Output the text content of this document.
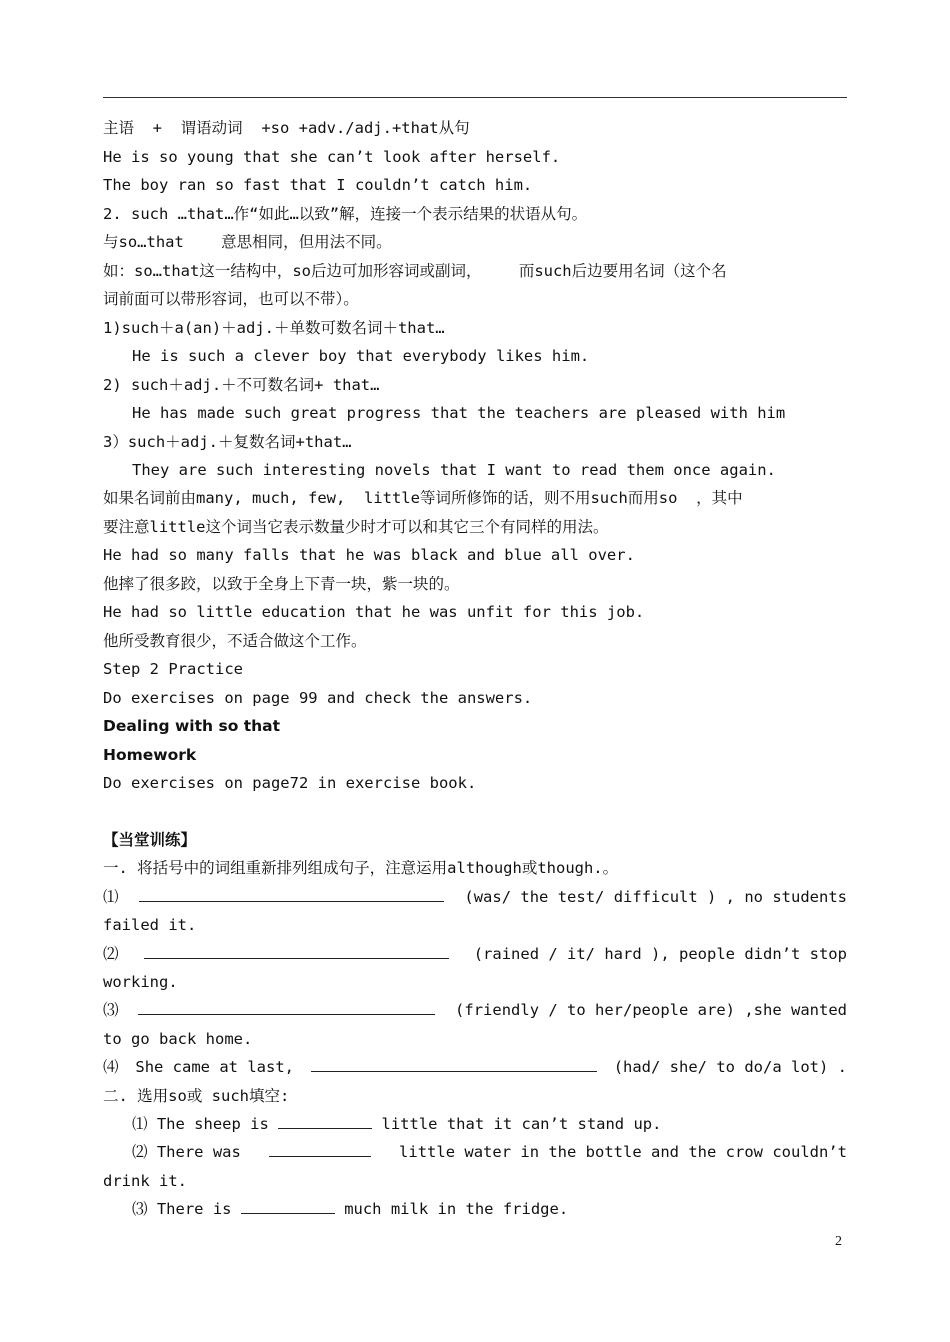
主语  +  谓语动词  +so +adv./adj.+that从句
He is so young that she can’t look after herself.
The boy ran so fast that I couldn’t catch him.
2. such …that…作“如此…以致”解，连接一个表示结果的状语从句。
与so…that    意思相同，但用法不同。
如：so…that这一结构中，so后边可加形容词或副词，    而such后边要用名词（这个名
词前面可以带形容词，也可以不带）。
1)such＋a(an)＋adj.＋单数可数名词＋that…
He is such a clever boy that everybody likes him.
2) such＋adj.＋不可数名词+ that…
He has made such great progress that the teachers are pleased with him
3）such＋adj.＋复数名词+that…
They are such interesting novels that I want to read them once again.
如果名词前由many, much, few,  little等词所修饰的话，则不用such而用so  ，其中
要注意little这个词当它表示数量少时才可以和其它三个有同样的用法。
He had so many falls that he was black and blue all over.
他摔了很多跤，以致于全身上下青一块，紫一块的。
He had so little education that he was unfit for this job.
他所受教育很少，不适合做这个工作。
Step 2 Practice
Do exercises on page 99 and check the answers.
Dealing with so that
Homework
Do exercises on page72 in exercise book.
【当堂训练】
一. 将括号中的词组重新排列组成句子，注意运用although或though.。
⑴	(was/ the test/ difficult ) , no students
failed it.
⑵	(rained / it/ hard ), people didn’t stop
working.
⑶	(friendly / to her/people are) ,she wanted
to go back home.
⑷ She came at last,	(had/ she/ to do/a lot) .
二. 选用so或 such填空:
⑴ The sheep is	little that it can’t stand up.
⑵ There was	little water in the bottle and the crow couldn’t
drink it.
⑶ There is	much milk in the fridge.
2
